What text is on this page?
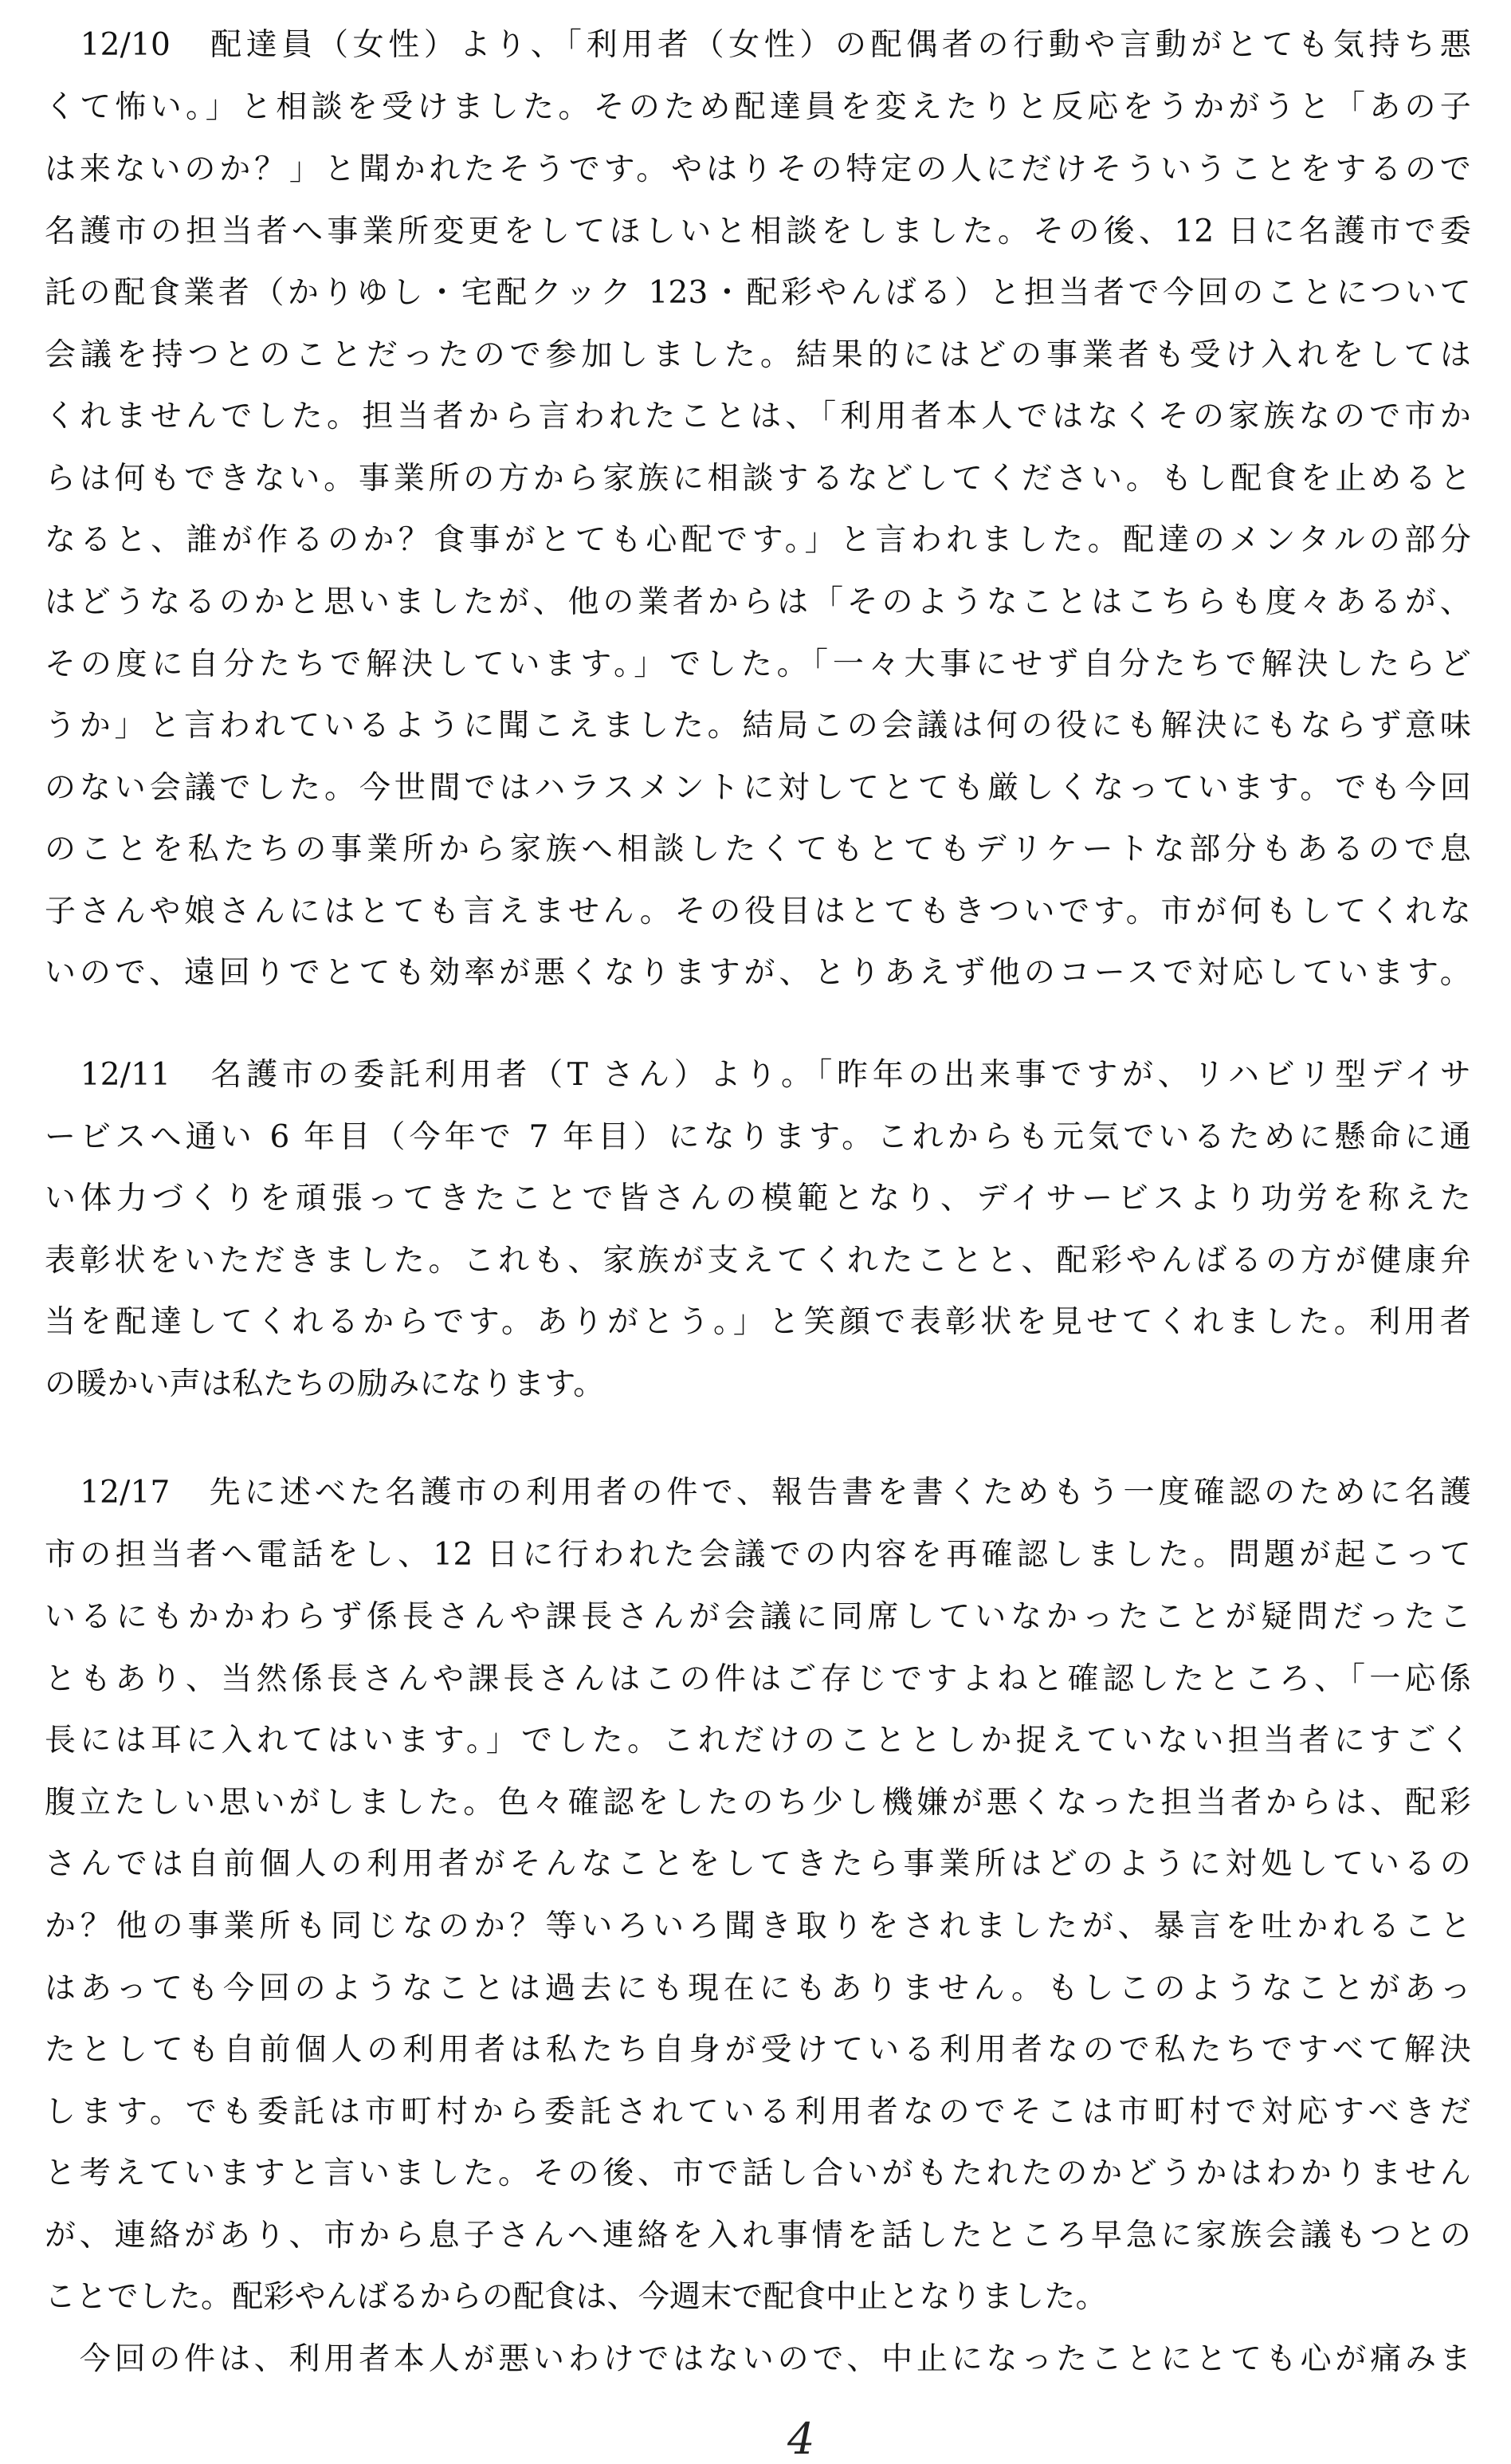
　12/10　配達員（女性）より、「利用者（女性）の配偶者の行動や言動がとても気持ち悪
くて怖い。」と相談を受けました。そのため配達員を変えたりと反応をうかがうと「あの子
は来ないのか？」と聞かれたそうです。やはりその特定の人にだけそういうことをするので
名護市の担当者へ事業所変更をしてほしいと相談をしました。その後、12 日に名護市で委
託の配食業者（かりゆし・宅配クック 123・配彩やんばる）と担当者で今回のことについて
会議を持つとのことだったので参加しました。結果的にはどの事業者も受け入れをしては
くれませんでした。担当者から言われたことは、「利用者本人ではなくその家族なので市か
らは何もできない。事業所の方から家族に相談するなどしてください。もし配食を止めると
なると、誰が作るのか？食事がとても心配です。」と言われました。配達のメンタルの部分
はどうなるのかと思いましたが、他の業者からは「そのようなことはこちらも度々あるが、
その度に自分たちで解決しています。」でした。「一々大事にせず自分たちで解決したらど
うか」と言われているように聞こえました。結局この会議は何の役にも解決にもならず意味
のない会議でした。今世間ではハラスメントに対してとても厳しくなっています。でも今回
のことを私たちの事業所から家族へ相談したくてもとてもデリケートな部分もあるので息
子さんや娘さんにはとても言えません。その役目はとてもきついです。市が何もしてくれな
いので、遠回りでとても効率が悪くなりますが、とりあえず他のコースで対応しています。
　12/11　名護市の委託利用者（T さん）より。「昨年の出来事ですが、リハビリ型デイサ
ービスへ通い 6 年目（今年で 7 年目）になります。これからも元気でいるために懸命に通
い体力づくりを頑張ってきたことで皆さんの模範となり、デイサービスより功労を称えた
表彰状をいただきました。これも、家族が支えてくれたことと、配彩やんばるの方が健康弁
当を配達してくれるからです。ありがとう。」と笑顔で表彰状を見せてくれました。利用者
の暖かい声は私たちの励みになります。
　12/17　先に述べた名護市の利用者の件で、報告書を書くためもう一度確認のために名護
市の担当者へ電話をし、12 日に行われた会議での内容を再確認しました。問題が起こって
いるにもかかわらず係長さんや課長さんが会議に同席していなかったことが疑問だったこ
ともあり、当然係長さんや課長さんはこの件はご存じですよねと確認したところ、「一応係
長には耳に入れてはいます。」でした。これだけのこととしか捉えていない担当者にすごく
腹立たしい思いがしました。色々確認をしたのち少し機嫌が悪くなった担当者からは、配彩
さんでは自前個人の利用者がそんなことをしてきたら事業所はどのように対処しているの
か？他の事業所も同じなのか？等いろいろ聞き取りをされましたが、暴言を吐かれること
はあっても今回のようなことは過去にも現在にもありません。もしこのようなことがあっ
たとしても自前個人の利用者は私たち自身が受けている利用者なので私たちですべて解決
します。でも委託は市町村から委託されている利用者なのでそこは市町村で対応すべきだ
と考えていますと言いました。その後、市で話し合いがもたれたのかどうかはわかりません
が、連絡があり、市から息子さんへ連絡を入れ事情を話したところ早急に家族会議もつとの
ことでした。配彩やんばるからの配食は、今週末で配食中止となりました。
　今回の件は、利用者本人が悪いわけではないので、中止になったことにとても心が痛みま
4
